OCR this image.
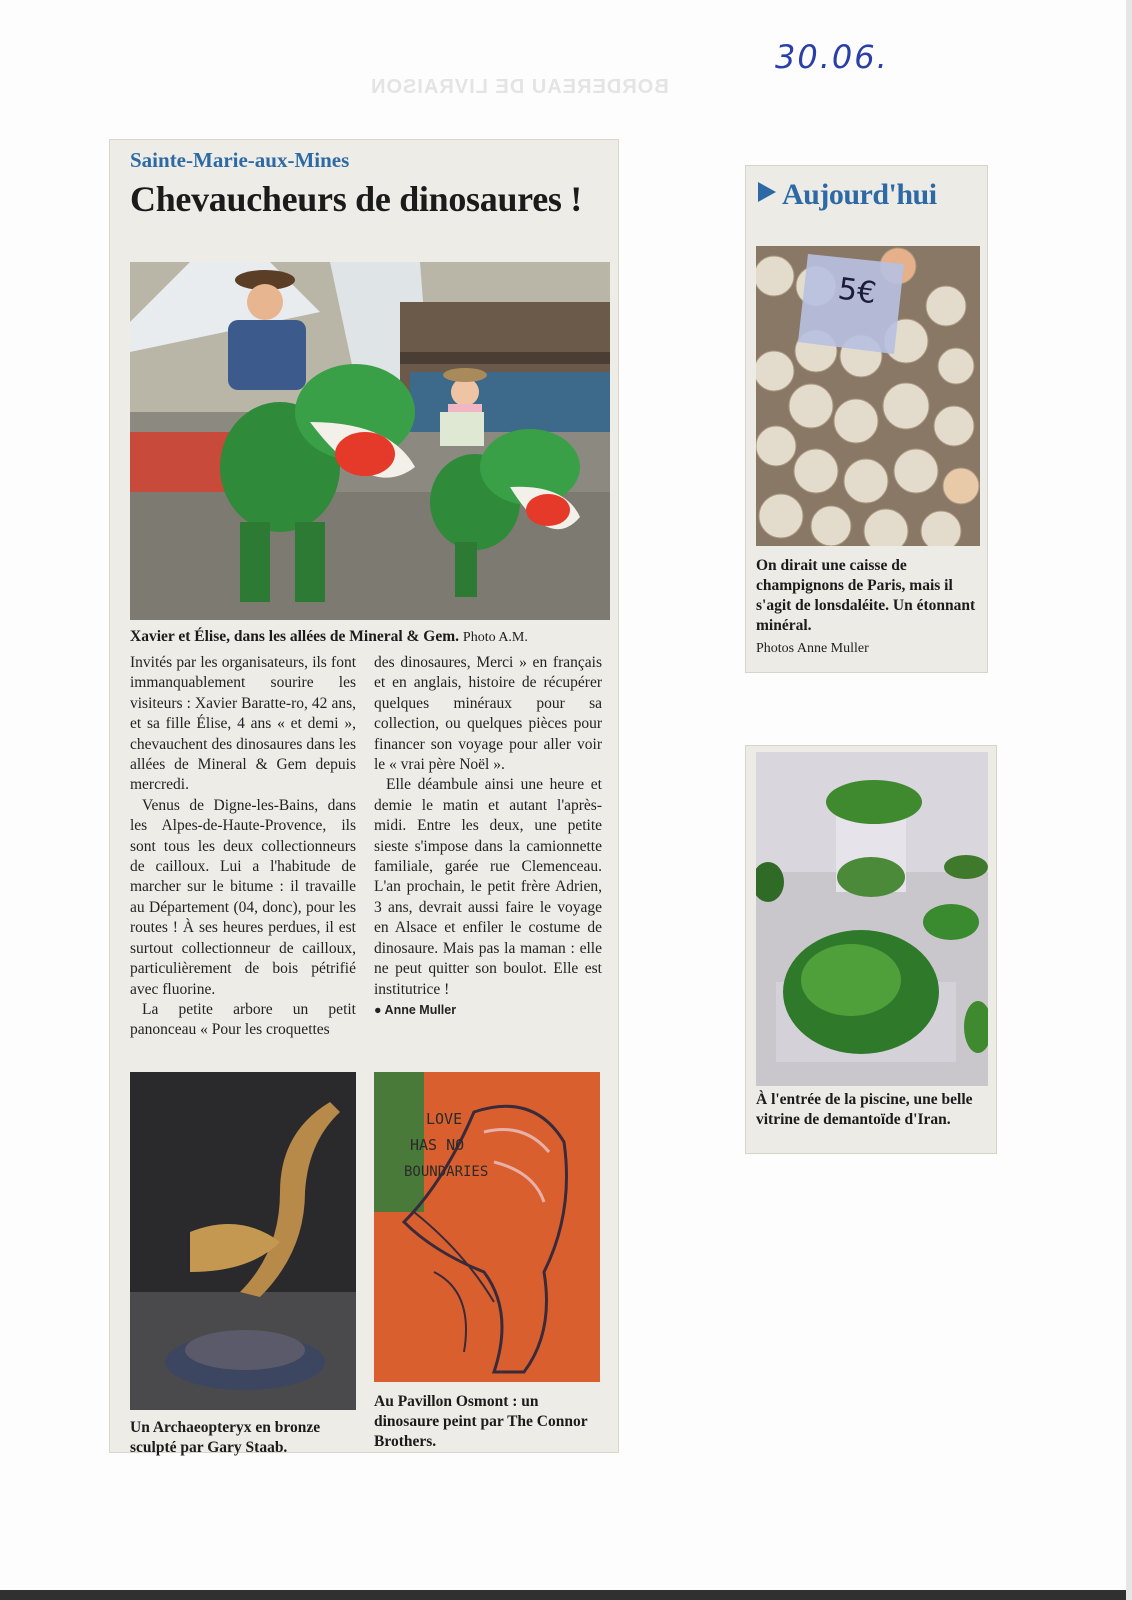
30.06.
BORDEREAU DE LIVRAISON
Sainte-Marie-aux-Mines
Chevaucheurs de dinosaures !
Xavier et Élise, dans les allées de Mineral & Gem. Photo A.M.

Invités par les organisateurs, ils font immanquablement sourire les visiteurs : Xavier Baratte-ro, 42 ans, et sa fille Élise, 4 ans « et demi », chevauchent des dinosaures dans les allées de Mineral & Gem depuis mercredi.

Venus de Digne-les-Bains, dans les Alpes-de-Haute-Provence, ils sont tous les deux collectionneurs de cailloux. Lui a l'habitude de marcher sur le bitume : il travaille au Département (04, donc), pour les routes ! À ses heures perdues, il est surtout collectionneur de cailloux, particulièrement de bois pétrifié avec fluorine.

La petite arbore un petit panonceau « Pour les croquettes

des dinosaures, Merci » en français et en anglais, histoire de récupérer quelques minéraux pour sa collection, ou quelques pièces pour financer son voyage pour aller voir le « vrai père Noël ».

Elle déambule ainsi une heure et demie le matin et autant l'après-midi. Entre les deux, une petite sieste s'impose dans la camionnette familiale, garée rue Clemenceau. L'an prochain, le petit frère Adrien, 3 ans, devrait aussi faire le voyage en Alsace et enfiler le costume de dinosaure. Mais pas la maman : elle ne peut quitter son boulot. Elle est institutrice !

● Anne Muller
Un Archaeopteryx en bronze sculpté par Gary Staab.
LOVE
HAS NO
BOUNDARIES
Au Pavillon Osmont : un dinosaure peint par The Connor Brothers.
Aujourd'hui
5€
On dirait une caisse de champignons de Paris, mais il s'agit de lonsdaléite. Un étonnant minéral.
Photos Anne Muller
À l'entrée de la piscine, une belle vitrine de demantoïde d'Iran.
